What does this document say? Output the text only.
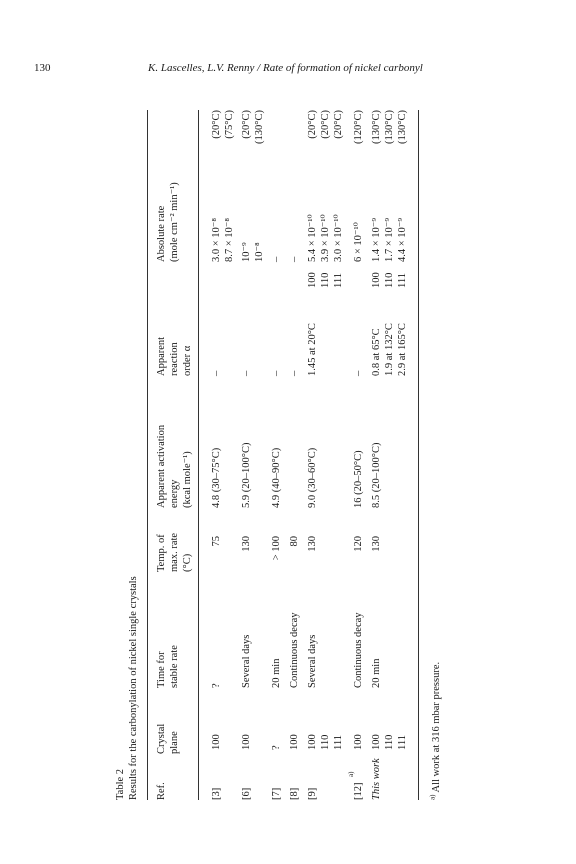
130	K. Lascelles, L.V. Renny / Rate of formation of nickel carbonyl
Table 2 Results for the carbonylation of nickel single crystals Ref.
Crystal plane
Time for stable rate
Temp. of max. rate (°C)
Apparent activation energy (kcal mole⁻¹)
Apparent reaction order α
Absolute rate (mole cm⁻² min⁻¹)
[3]
100
?
75
4.8 (30–75°C)
–
3.0 × 10⁻⁸ 8.7 × 10⁻⁸
(20°C) (75°C)
[6]
100
Several days
130
5.9 (20–100°C)
–
10⁻⁹ 10⁻⁸
(20°C) (130°C)
[7]
?
20 min
> 100
4.9 (40–90°C)
–
–
[8]
100
Continuous decay
80
–
–
[9]
100 110 111
Several days
130
9.0 (30–60°C)
1.45 at 20°C
100 110 111
5.4 × 10⁻¹⁰ 3.9 × 10⁻¹⁰ 3.0 × 10⁻¹⁰
(20°C) (20°C) (20°C)
[12]
a)
100
Continuous decay
120
16 (20–50°C)
–
6 × 10⁻¹⁰
(120°C)
This work
100 110 111
20 min
130
8.5 (20–100°C)
0.8 at 65°C 1.9 at 132°C 2.9 at 165°C
100 110 111
1.4 × 10⁻⁹ 1.7 × 10⁻⁹ 4.4 × 10⁻⁹
(130°C) (130°C) (130°C)
$^{a)}$ All work at 316 mbar pressure.
